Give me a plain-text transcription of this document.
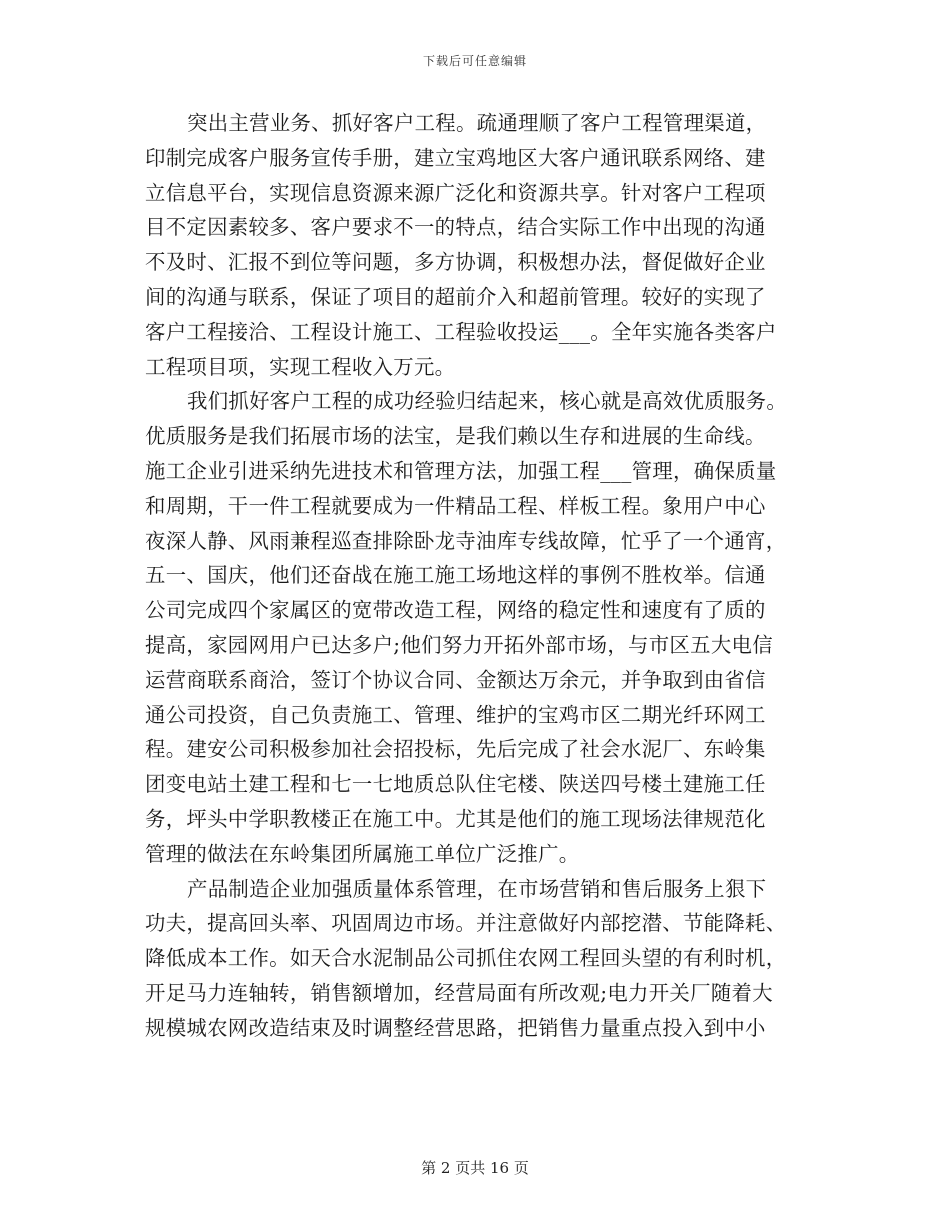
下载后可任意编辑
突出主营业务、抓好客户工程。疏通理顺了客户工程管理渠道，
印制完成客户服务宣传手册，建立宝鸡地区大客户通讯联系网络、建
立信息平台，实现信息资源来源广泛化和资源共享。针对客户工程项
目不定因素较多、客户要求不一的特点，结合实际工作中出现的沟通
不及时、汇报不到位等问题，多方协调，积极想办法，督促做好企业
间的沟通与联系，保证了项目的超前介入和超前管理。较好的实现了
客户工程接洽、工程设计施工、工程验收投运___。全年实施各类客户
工程项目项，实现工程收入万元。
我们抓好客户工程的成功经验归结起来，核心就是高效优质服务。
优质服务是我们拓展市场的法宝，是我们赖以生存和进展的生命线。
施工企业引进采纳先进技术和管理方法，加强工程___管理，确保质量
和周期，干一件工程就要成为一件精品工程、样板工程。象用户中心
夜深人静、风雨兼程巡查排除卧龙寺油库专线故障，忙乎了一个通宵，
五一、国庆，他们还奋战在施工施工场地这样的事例不胜枚举。信通
公司完成四个家属区的宽带改造工程，网络的稳定性和速度有了质的
提高，家园网用户已达多户;他们努力开拓外部市场，与市区五大电信
运营商联系商洽，签订个协议合同、金额达万余元，并争取到由省信
通公司投资，自己负责施工、管理、维护的宝鸡市区二期光纤环网工
程。建安公司积极参加社会招投标，先后完成了社会水泥厂、东岭集
团变电站土建工程和七一七地质总队住宅楼、陕送四号楼土建施工任
务，坪头中学职教楼正在施工中。尤其是他们的施工现场法律规范化
管理的做法在东岭集团所属施工单位广泛推广。
产品制造企业加强质量体系管理，在市场营销和售后服务上狠下
功夫，提高回头率、巩固周边市场。并注意做好内部挖潜、节能降耗、
降低成本工作。如天合水泥制品公司抓住农网工程回头望的有利时机，
开足马力连轴转，销售额增加，经营局面有所改观;电力开关厂随着大
规模城农网改造结束及时调整经营思路，把销售力量重点投入到中小
第 2 页共 16 页
